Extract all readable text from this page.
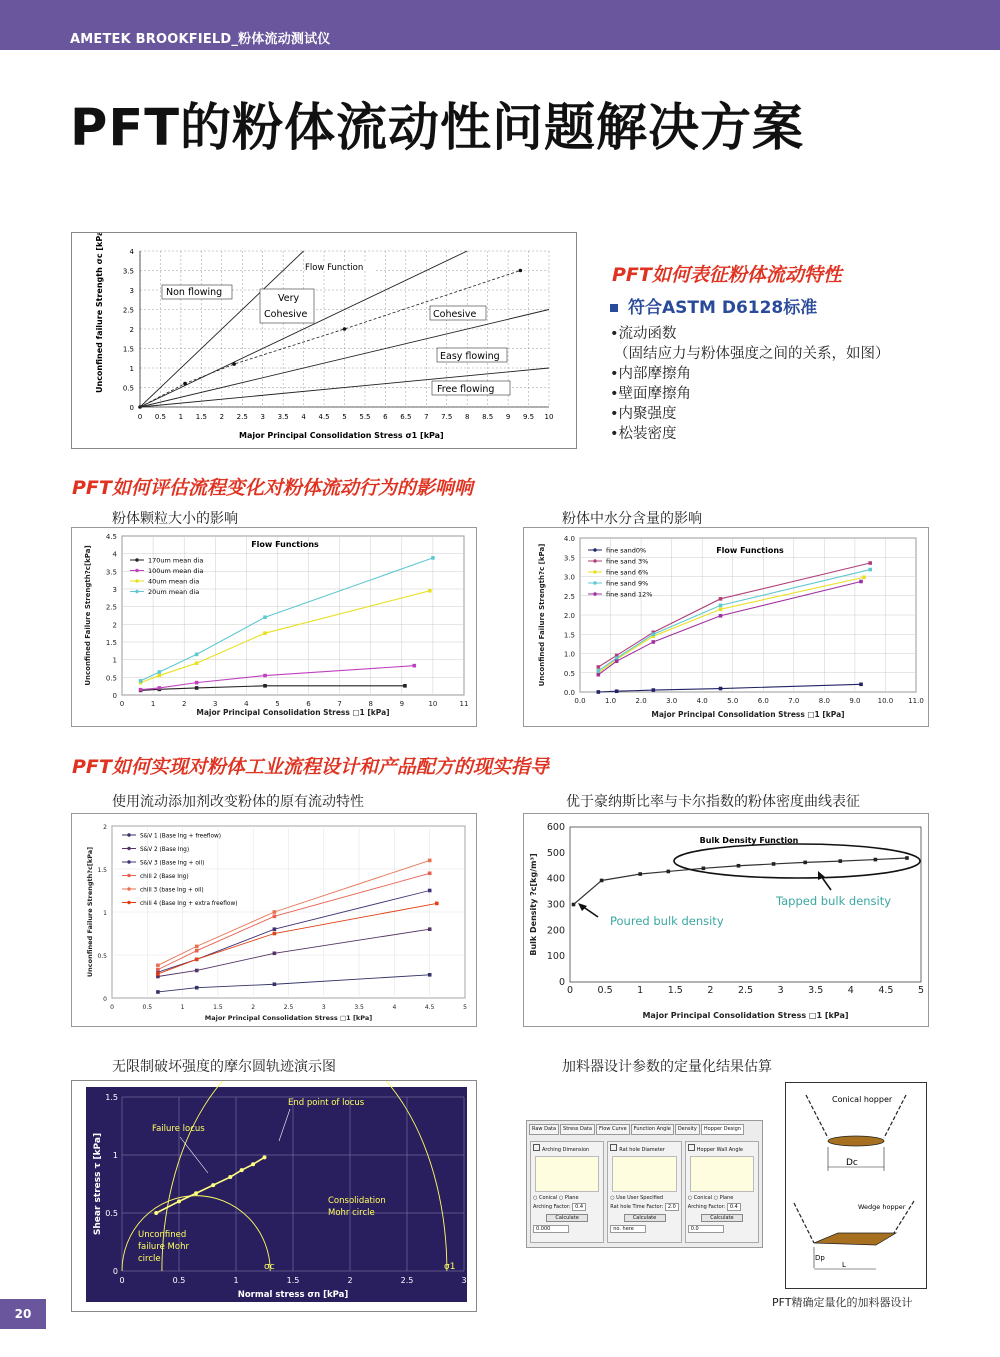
AMETEK BROOKFIELD_粉体流动测试仪
PFT的粉体流动性问题解决方案
Major Principal Consolidation Stress σ1 [kPa]
Unconfined failure Strength σc [kPa]	Flow Function
Non flowing
Very
Cohesive	Cohesive
Easy flowing
Free flowing
0 0.5 1 1.5 2 2.5 3 3.5 4 4.5 5 5.5 6 6.5 7 7.5 8 8.5 9 9.5 10
0
0.5
1
1.5
2
2.5
3
3.5
4
PFT如何表征粉体流动特性
符合ASTM D6128标准
•流动函数
（固结应力与粉体强度之间的关系，如图）
•内部摩擦角
•壁面摩擦角
•内聚强度
•松装密度
PFT如何评估流程变化对粉体流动行为的影响响
粉体颗粒大小的影响	粉体中水分含量的影响
0	1	2	3	4	5	6	7	8	9	10	11
0
0.5
1
1.5
2
2.5
3
3.5
4
4.5
Flow Functions
Major Principal Consolidation Stress □1 [kPa]
Unconfined Failure Strength?c[kPa]	170um mean dia
100um mean dia
40um mean dia
20um mean dia
0.0	1.0	2.0	3.0	4.0	5.0	6.0	7.0	8.0	9.0 10.0 11.0
0.0
0.5
1.0
1.5
2.0
2.5
3.0
3.5
4.0
Flow Functions
Major Principal Consolidation Stress □1 [kPa]
Unconfined Failure Strength?c [kPa]	fine sand0%
fine sand 3%
fine sand 6%
fine sand 9%
fine sand 12%
PFT如何实现对粉体工业流程设计和产品配方的现实指导
使用流动添加剂改变粉体的原有流动特性	优于豪纳斯比率与卡尔指数的粉体密度曲线表征
0	0.5	1	1.5	2	2.5	3	3.5	4	4.5	5
0
0.5
1
1.5
2
Major Principal Consolidation Stress □1 [kPa]
Unconfined Failure Strength?c[kPa]
S&V 1 (Base Ing + freeflow)
S&V 2 (Base Ing)
S&V 3 (Base Ing + oil)
chili 2 (Base Ing)
chili 3 (base Ing + oil)
chili 4 (Base Ing + extra freeflow)
0	0.5	1	1.5	2	2.5	3	3.5	4	4.5	5
0
100
200
300
400
500
600
Bulk Density Function
Major Principal Consolidation Stress □1 [kPa]
Bulk Density ?c[kg/m³]	Poured bulk density
Tapped bulk density
无限制破坏强度的摩尔圆轨迹演示图	加料器设计参数的定量化结果估算
0	0.5	1	1.5	2	2.5	3
0
0.5
1
1.5
Normal stress σn [kPa]
Shear stress τ [kPa]
End point of locus
Failure locus
Consolidation
Mohr circle
Unconfined
failure Mohr
circle
σc	σ1
Raw Data	Stress Data	Flow Curve	Function Angle	Density	Hopper Design
Arching Dimension
○ Conical ○ Plane
Arching Factor: 0.4
Calculate
0.000
Rat hole Diameter
○ Use User Specified
Rat hole Time Factor: 2.0
Calculate
no. here
Hopper Wall Angle
○ Conical ○ Plane
Arching Factor: 0.4
Calculate
0.0
Conical hopper
Dc
Wedge hopper
Dp
L
PFT精确定量化的加料器设计
20
